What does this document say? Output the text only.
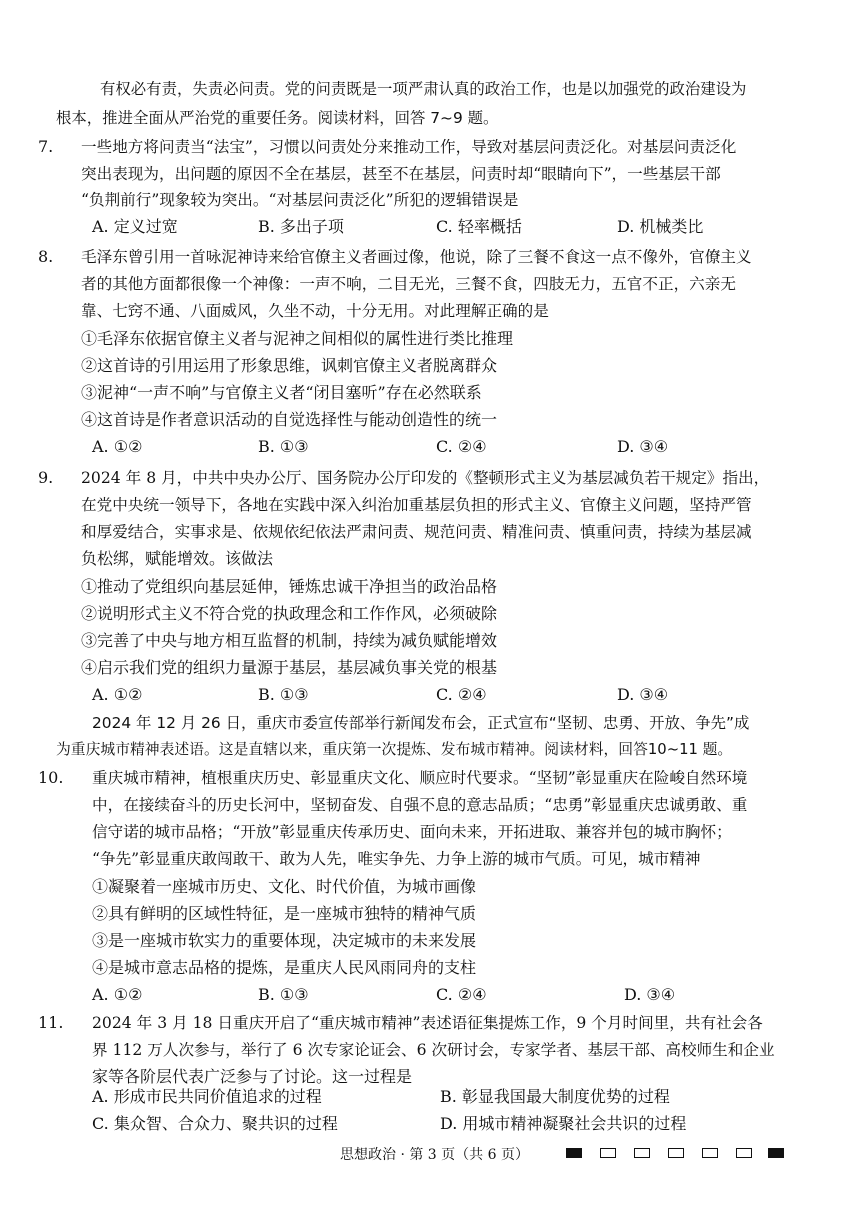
有权必有责，失责必问责。党的问责既是一项严肃认真的政治工作，也是以加强党的政治建设为
根本，推进全面从严治党的重要任务。阅读材料，回答 7~9 题。
7. 一些地方将问责当“法宝”，习惯以问责处分来推动工作，导致对基层问责泛化。对基层问责泛化
突出表现为，出问题的原因不全在基层，甚至不在基层，问责时却“眼睛向下”，一些基层干部
“负荆前行”现象较为突出。“对基层问责泛化”所犯的逻辑错误是
A. 定义过宽	B. 多出子项	C. 轻率概括	D. 机械类比
8. 毛泽东曾引用一首咏泥神诗来给官僚主义者画过像，他说，除了三餐不食这一点不像外，官僚主义
者的其他方面都很像一个神像：一声不响，二目无光，三餐不食，四肢无力，五官不正，六亲无
靠、七窍不通、八面威风，久坐不动，十分无用。对此理解正确的是
①毛泽东依据官僚主义者与泥神之间相似的属性进行类比推理
②这首诗的引用运用了形象思维，讽刺官僚主义者脱离群众
③泥神“一声不响”与官僚主义者“闭目塞听”存在必然联系
④这首诗是作者意识活动的自觉选择性与能动创造性的统一
A. ①②	B. ①③	C. ②④	D. ③④
9. 2024 年 8 月，中共中央办公厅、国务院办公厅印发的《整顿形式主义为基层减负若干规定》指出，
在党中央统一领导下，各地在实践中深入纠治加重基层负担的形式主义、官僚主义问题，坚持严管
和厚爱结合，实事求是、依规依纪依法严肃问责、规范问责、精准问责、慎重问责，持续为基层减
负松绑，赋能增效。该做法
①推动了党组织向基层延伸，锤炼忠诚干净担当的政治品格
②说明形式主义不符合党的执政理念和工作作风，必须破除
③完善了中央与地方相互监督的机制，持续为减负赋能增效
④启示我们党的组织力量源于基层，基层减负事关党的根基
A. ①②	B. ①③	C. ②④	D. ③④
2024 年 12 月 26 日，重庆市委宣传部举行新闻发布会，正式宣布“坚韧、忠勇、开放、争先”成
为重庆城市精神表述语。这是直辖以来，重庆第一次提炼、发布城市精神。阅读材料，回答10~11 题。
10. 重庆城市精神，植根重庆历史、彰显重庆文化、顺应时代要求。“坚韧”彰显重庆在险峻自然环境
中，在接续奋斗的历史长河中，坚韧奋发、自强不息的意志品质；“忠勇”彰显重庆忠诚勇敢、重
信守诺的城市品格；“开放”彰显重庆传承历史、面向未来，开拓进取、兼容并包的城市胸怀；
“争先”彰显重庆敢闯敢干、敢为人先，唯实争先、力争上游的城市气质。可见，城市精神
①凝聚着一座城市历史、文化、时代价值，为城市画像
②具有鲜明的区域性特征，是一座城市独特的精神气质
③是一座城市软实力的重要体现，决定城市的未来发展
④是城市意志品格的提炼，是重庆人民风雨同舟的支柱
A. ①②	B. ①③	C. ②④	D. ③④
11. 2024 年 3 月 18 日重庆开启了“重庆城市精神”表述语征集提炼工作，9 个月时间里，共有社会各
界 112 万人次参与，举行了 6 次专家论证会、6 次研讨会，专家学者、基层干部、高校师生和企业
家等各阶层代表广泛参与了讨论。这一过程是
A. 形成市民共同价值追求的过程	B. 彰显我国最大制度优势的过程
C. 集众智、合众力、聚共识的过程	D. 用城市精神凝聚社会共识的过程
思想政治 · 第 3 页（共 6 页）
